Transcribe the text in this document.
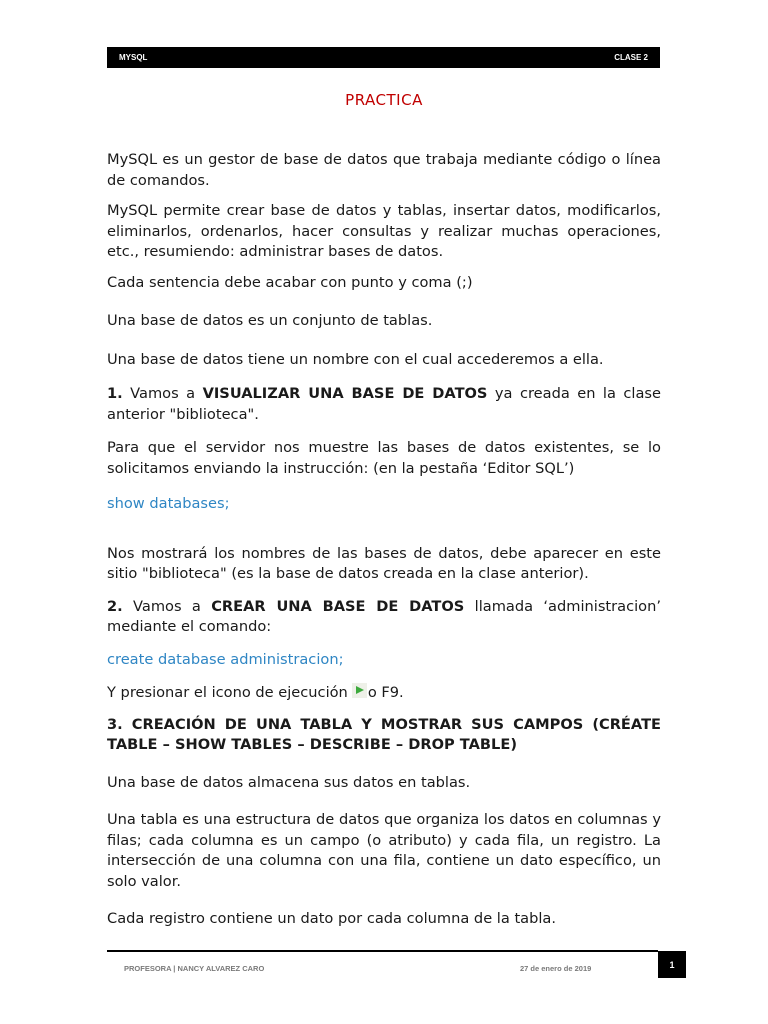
MYSQL	CLASE 2
PRACTICA

MySQL es un gestor de base de datos que trabaja mediante código o línea de comandos.

MySQL permite crear base de datos y tablas, insertar datos, modificarlos, eliminarlos, ordenarlos, hacer consultas y realizar muchas operaciones, etc., resumiendo: administrar bases de datos.

Cada sentencia debe acabar con punto y coma (;)

Una base de datos es un conjunto de tablas.

Una base de datos tiene un nombre con el cual accederemos a ella.

1. Vamos a VISUALIZAR UNA BASE DE DATOS ya creada en la clase anterior "biblioteca".

Para que el servidor nos muestre las bases de datos existentes, se lo solicitamos enviando la instrucción: (en la pestaña ‘Editor SQL’)

show databases;

Nos mostrará los nombres de las bases de datos, debe aparecer en este sitio "biblioteca" (es la base de datos creada en la clase anterior).

2. Vamos a CREAR UNA BASE DE DATOS llamada ‘administracion’ mediante el comando:

create database administracion;

Y presionar el icono de ejecución o F9.

3. CREACIÓN DE UNA TABLA Y MOSTRAR SUS CAMPOS (CRÉATE TABLE – SHOW TABLES – DESCRIBE – DROP TABLE)

Una base de datos almacena sus datos en tablas.

Una tabla es una estructura de datos que organiza los datos en columnas y filas; cada columna es un campo (o atributo) y cada fila, un registro. La intersección de una columna con una fila, contiene un dato específico, un solo valor.

Cada registro contiene un dato por cada columna de la tabla.

PROFESORA | NANCY ALVAREZ CARO	27 de enero de 2019	1
